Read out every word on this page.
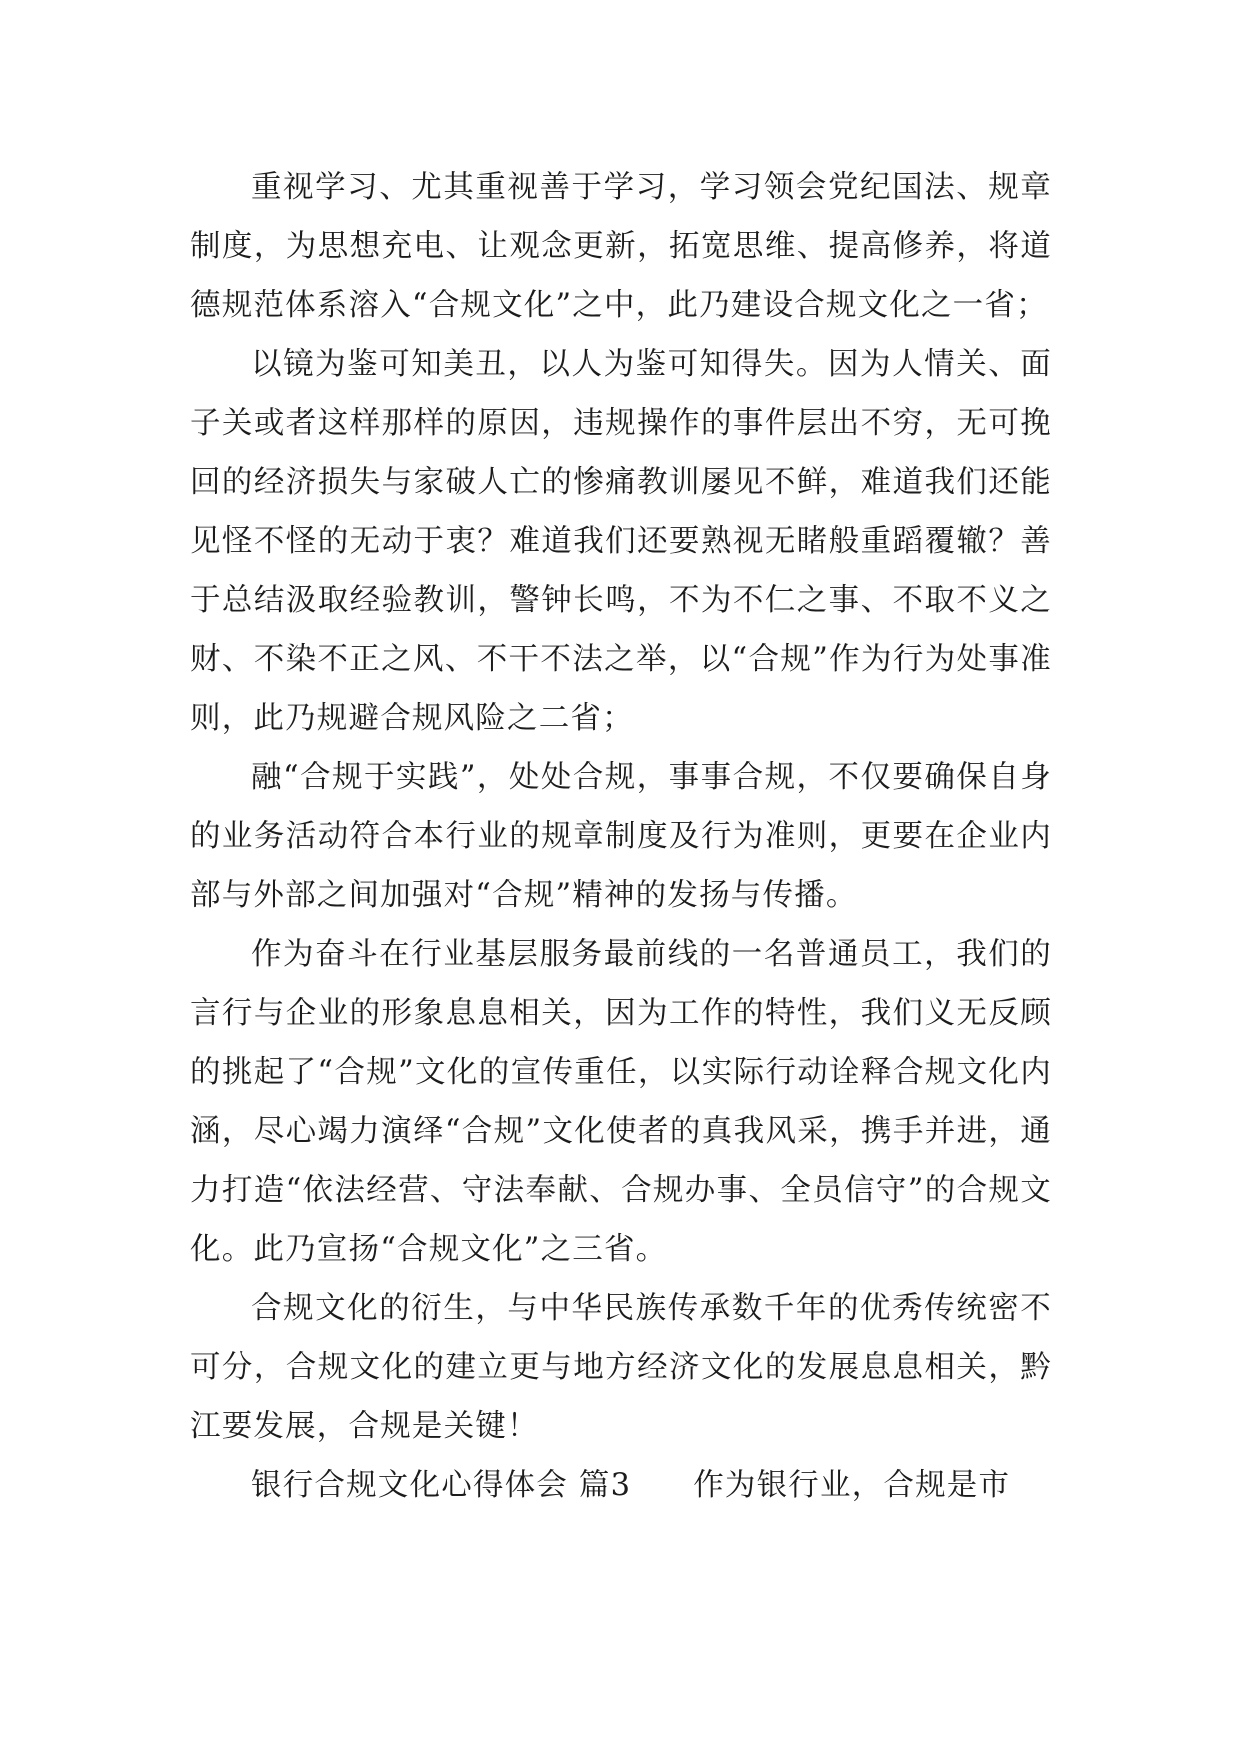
重视学习、尤其重视善于学习，学习领会党纪国法、规章制度，为思想充电、让观念更新，拓宽思维、提高修养，将道德规范体系溶入“合规文化”之中，此乃建设合规文化之一省；

以镜为鉴可知美丑，以人为鉴可知得失。因为人情关、面子关或者这样那样的原因，违规操作的事件层出不穷，无可挽回的经济损失与家破人亡的惨痛教训屡见不鲜，难道我们还能见怪不怪的无动于衷？难道我们还要熟视无睹般重蹈覆辙？善于总结汲取经验教训，警钟长鸣，不为不仁之事、不取不义之财、不染不正之风、不干不法之举，以“合规”作为行为处事准则，此乃规避合规风险之二省；

融“合规于实践”，处处合规，事事合规，不仅要确保自身的业务活动符合本行业的规章制度及行为准则，更要在企业内部与外部之间加强对“合规”精神的发扬与传播。

作为奋斗在行业基层服务最前线的一名普通员工，我们的言行与企业的形象息息相关，因为工作的特性，我们义无反顾的挑起了“合规”文化的宣传重任，以实际行动诠释合规文化内涵，尽心竭力演绎“合规”文化使者的真我风采，携手并进，通力打造“依法经营、守法奉献、合规办事、全员信守”的合规文化。此乃宣扬“合规文化”之三省。

合规文化的衍生，与中华民族传承数千年的优秀传统密不可分，合规文化的建立更与地方经济文化的发展息息相关，黔江要发展，合规是关键！

银行合规文化心得体会 篇3 作为银行业，合规是市
